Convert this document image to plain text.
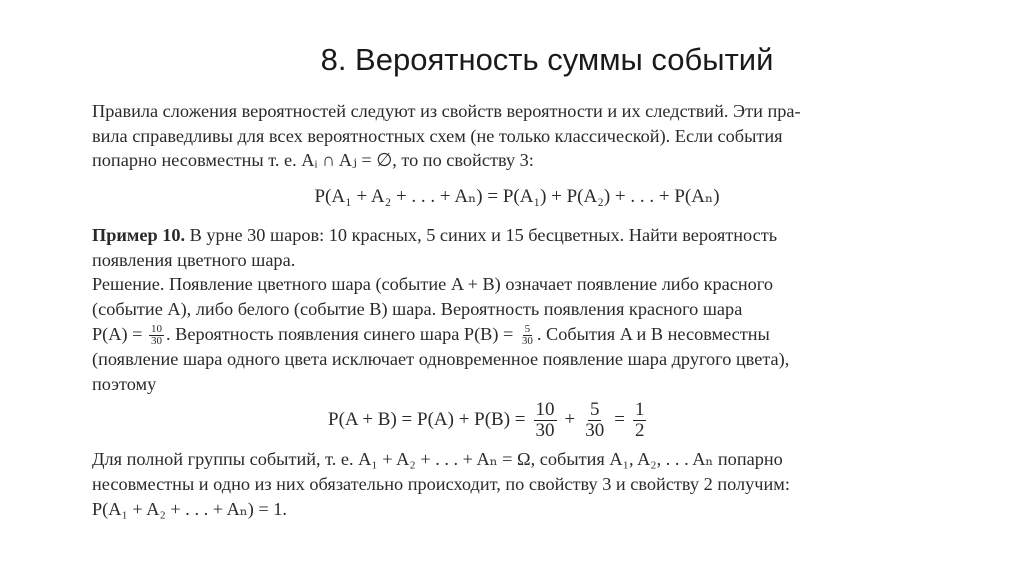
8. Вероятность суммы событий
Правила сложения вероятностей следуют из свойств вероятности и их следствий. Эти пра-
вила справедливы для всех вероятностных схем (не только классической). Если события
попарно несовместны т. е. Aᵢ ∩ Aⱼ = ∅, то по свойству 3:
P(A₁ + A₂ + . . . + Aₙ) = P(A₁) + P(A₂) + . . . + P(Aₙ)
Пример 10. В урне 30 шаров: 10 красных, 5 синих и 15 бесцветных. Найти вероятность
появления цветного шара.
Решение. Появление цветного шара (событие A + B) означает появление либо красного
(событие A), либо белого (событие B) шара. Вероятность появления красного шара
$P(A) = \frac{10}{30}$ . Вероятность появления синего шара $P(B) = \frac{5}{30}$ . События A и B несовместны
(появление шара одного цвета исключает одновременное появление шара другого цвета),
поэтому
$P(A + B) = P(A) + P(B) = \frac{10}{30} + \frac{5}{30} = \frac{1}{2}$
Для полной группы событий, т. е. A₁ + A₂ + . . . + Aₙ = Ω, события A₁, A₂, . . . Aₙ попарно
несовместны и одно из них обязательно происходит, по свойству 3 и свойству 2 получим:
P(A₁ + A₂ + . . . + Aₙ) = 1.
